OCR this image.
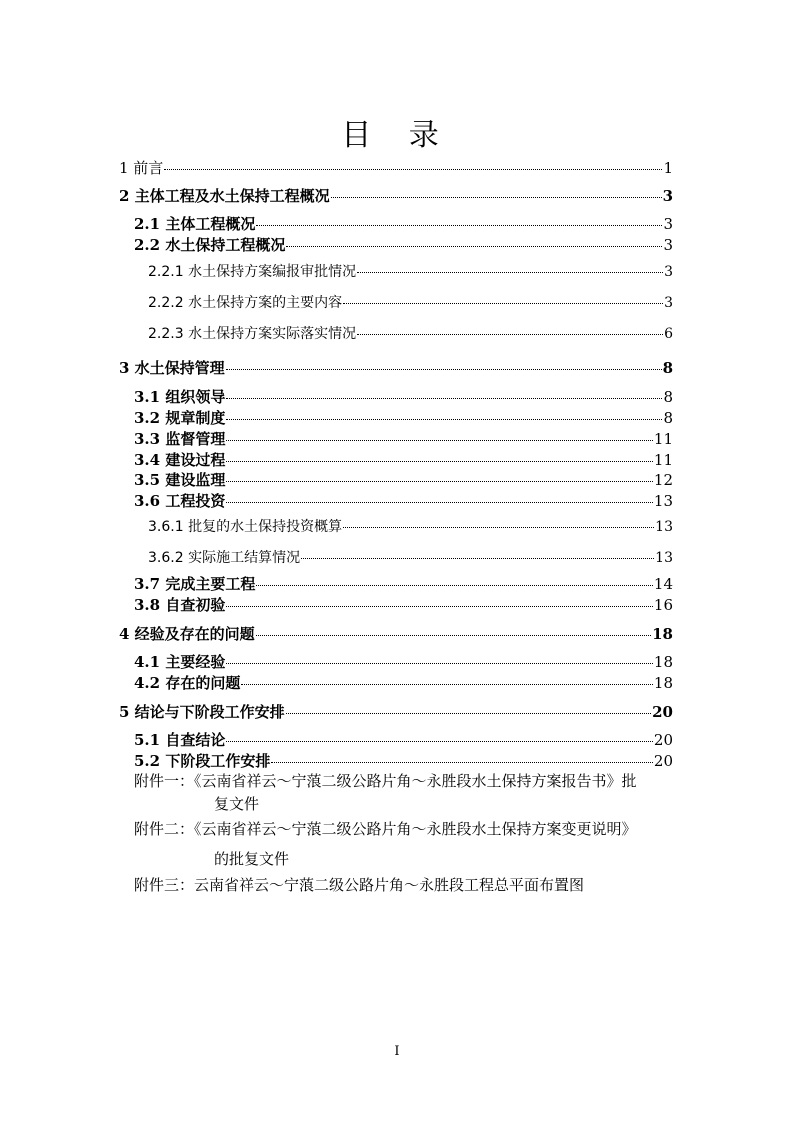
目 录
1 前言	1
2 主体工程及水土保持工程概况	3
2.1 主体工程概况	3
2.2 水土保持工程概况	3
2.2.1 水土保持方案编报审批情况	3
2.2.2 水土保持方案的主要内容	3
2.2.3 水土保持方案实际落实情况	6
3 水土保持管理	8
3.1 组织领导	8
3.2 规章制度	8
3.3 监督管理	11
3.4 建设过程	11
3.5 建设监理	12
3.6 工程投资	13
3.6.1 批复的水土保持投资概算	13
3.6.2 实际施工结算情况	13
3.7 完成主要工程	14
3.8 自查初验	16
4 经验及存在的问题	18
4.1 主要经验	18
4.2 存在的问题	18
5 结论与下阶段工作安排	20
5.1 自查结论	20
5.2 下阶段工作安排	20
附件一：《云南省祥云～宁蒗二级公路片角～永胜段水土保持方案报告书》批
复文件
附件二：《云南省祥云～宁蒗二级公路片角～永胜段水土保持方案变更说明》
的批复文件
附件三：云南省祥云～宁蒗二级公路片角～永胜段工程总平面布置图
I
